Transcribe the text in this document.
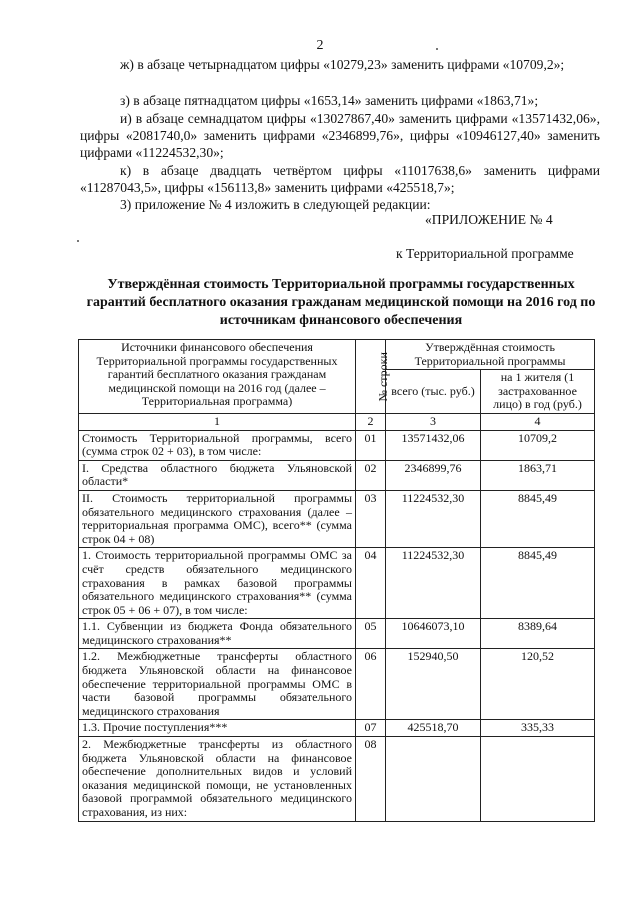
2

ж) в абзаце четырнадцатом цифры «10279,23» заменить цифрами «10709,2»;

з) в абзаце пятнадцатом цифры «1653,14» заменить цифрами «1863,71»;

и) в абзаце семнадцатом цифры «13027867,40» заменить цифрами «13571432,06», цифры «2081740,0» заменить цифрами «2346899,76», цифры «10946127,40» заменить цифрами «11224532,30»;

к) в абзаце двадцать четвёртом цифры «11017638,6» заменить цифрами «11287043,5», цифры «156113,8» заменить цифрами «425518,7»;

3) приложение № 4 изложить в следующей редакции:

«ПРИЛОЖЕНИЕ № 4
к Территориальной программе
Утверждённая стоимость Территориальной программы государственных гарантий бесплатного оказания гражданам медицинской помощи на 2016 год по источникам финансового обеспечения
Источники финансового обеспечения Территориальной программы государственных гарантий бесплатного оказания гражданам медицинской помощи на 2016 год (далее – Территориальная программа)	№ строки	Утверждённая стоимость Территориальной программы	
		всего (тыс. руб.)	на 1 жителя (1 застрахованное лицо) в год (руб.)
1	2	3	4
Стоимость Территориальной программы, всего (сумма строк 02 + 03), в том числе:	01	13571432,06	10709,2
I. Средства областного бюджета Ульяновской области*	02	2346899,76	1863,71
II. Стоимость территориальной программы обязательного медицинского страхования (далее – территориальная программа ОМС), всего** (сумма строк 04 + 08)	03	11224532,30	8845,49
1. Стоимость территориальной программы ОМС за счёт средств обязательного медицинского страхования в рамках базовой программы обязательного медицинского страхования** (сумма строк 05 + 06 + 07), в том числе:	04	11224532,30	8845,49
1.1. Субвенции из бюджета Фонда обязательного медицинского страхования**	05	10646073,10	8389,64
1.2. Межбюджетные трансферты областного бюджета Ульяновской области на финансовое обеспечение территориальной программы ОМС в части базовой программы обязательного медицинского страхования	06	152940,50	120,52
1.3. Прочие поступления***	07	425518,70	335,33
2. Межбюджетные трансферты из областного бюджета Ульяновской области на финансовое обеспечение дополнительных видов и условий оказания медицинской помощи, не установленных базовой программой обязательного медицинского страхования, из них:	08		
